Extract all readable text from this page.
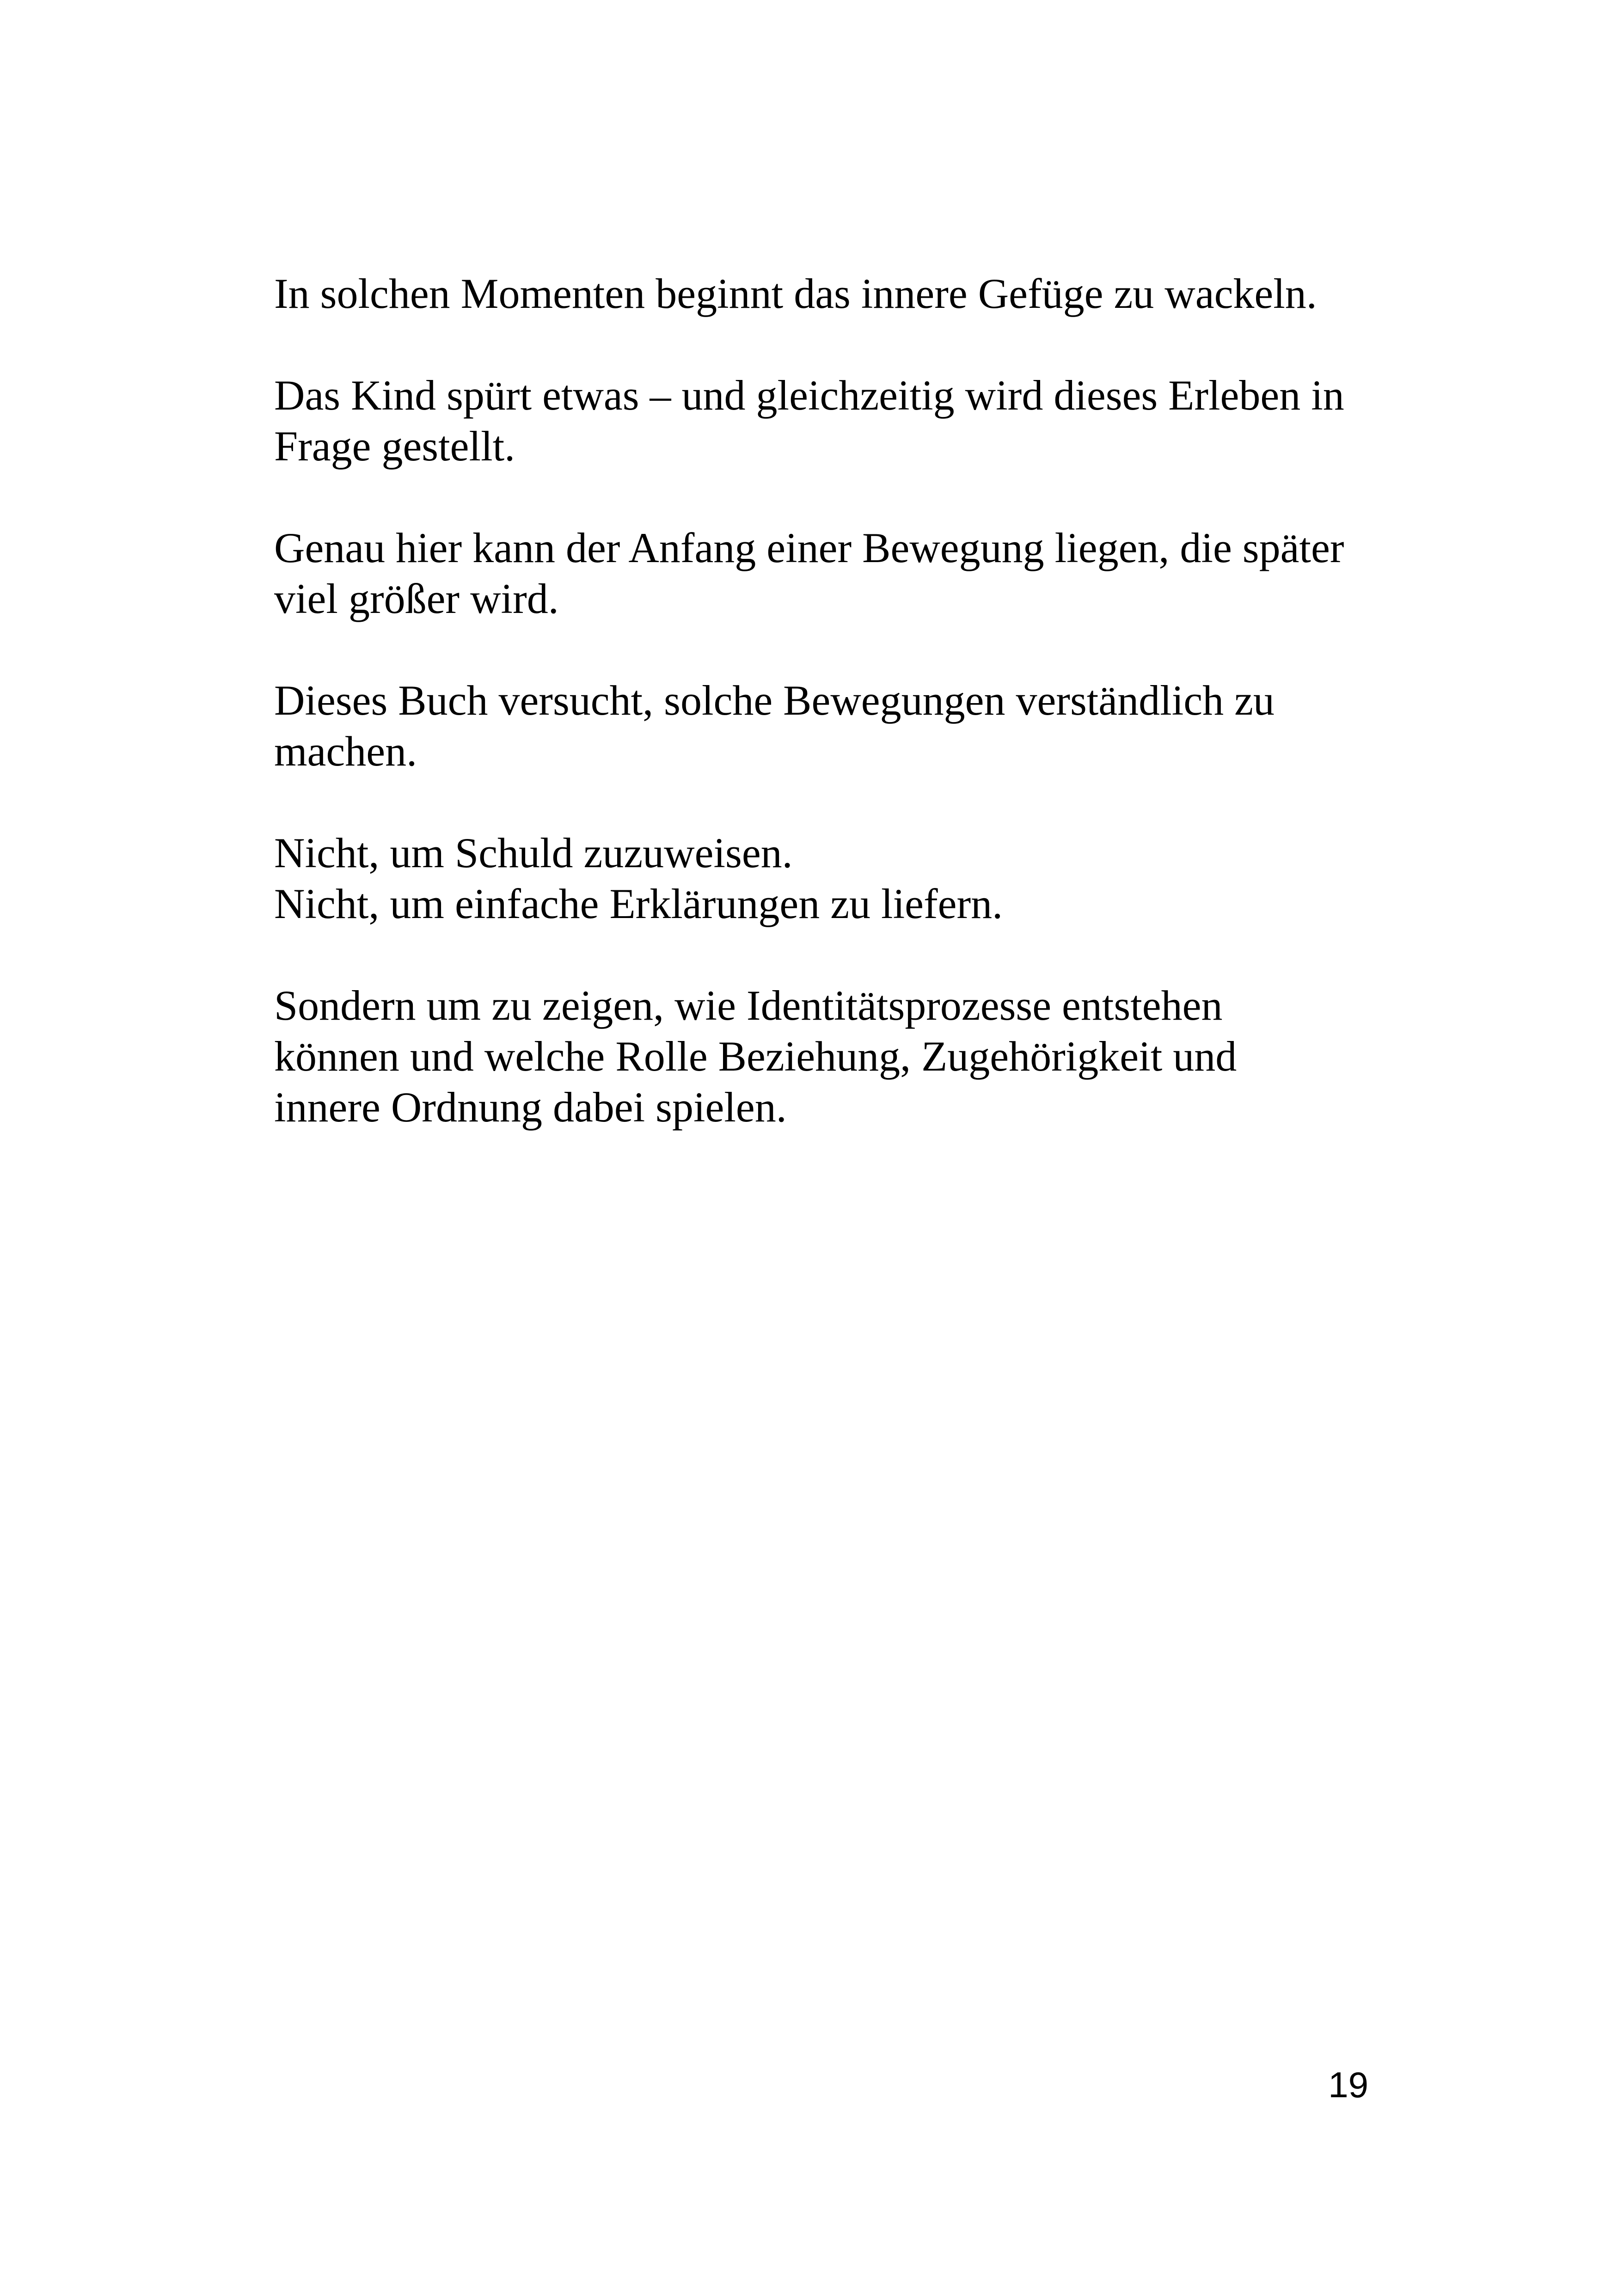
In solchen Momenten beginnt das innere Gefüge zu wackeln.

Das Kind spürt etwas – und gleichzeitig wird dieses Erleben in
Frage gestellt.

Genau hier kann der Anfang einer Bewegung liegen, die später
viel größer wird.

Dieses Buch versucht, solche Bewegungen verständlich zu
machen.

Nicht, um Schuld zuzuweisen.
Nicht, um einfache Erklärungen zu liefern.

Sondern um zu zeigen, wie Identitätsprozesse entstehen
können und welche Rolle Beziehung, Zugehörigkeit und
innere Ordnung dabei spielen.

19
